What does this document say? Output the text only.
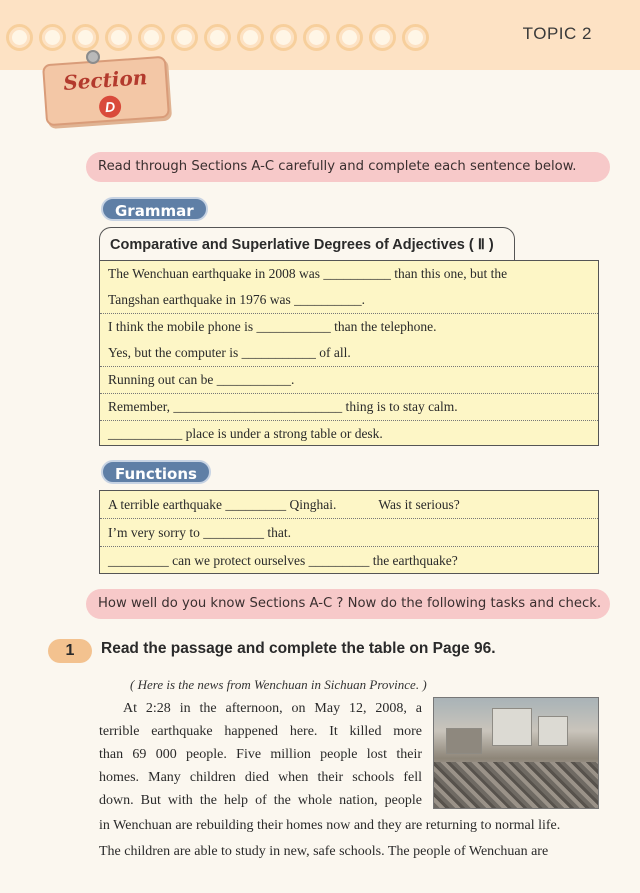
TOPIC 2
Section
D
Read through Sections A-C carefully and complete each sentence below.
Grammar
Comparative and Superlative Degrees of Adjectives ( Ⅱ )
The Wenchuan earthquake in 2008 was __________ than this one, but the
Tangshan earthquake in 1976 was __________.
I think the mobile phone is ___________ than the telephone.
Yes, but the computer is ___________ of all.
Running out can be ___________.
Remember, _________________________ thing is to stay calm.
___________ place is under a strong table or desk.
Functions
A terrible earthquake _________ Qinghai.	Was it serious?
I’m very sorry to _________ that.
_________ can we protect ourselves _________ the earthquake?
How well do you know Sections A-C ? Now do the following tasks and check.
1	Read the passage and complete the table on Page 96.
( Here is the news from Wenchuan in Sichuan Province. )
At 2:28 in the afternoon, on May 12, 2008, a
terrible earthquake happened here. It killed more
than 69 000 people. Five million people lost their
homes. Many children died when their schools fell
down. But with the help of the whole nation, people
in Wenchuan are rebuilding their homes now and they are returning to normal life.
The children are able to study in new, safe schools. The people of Wenchuan are
